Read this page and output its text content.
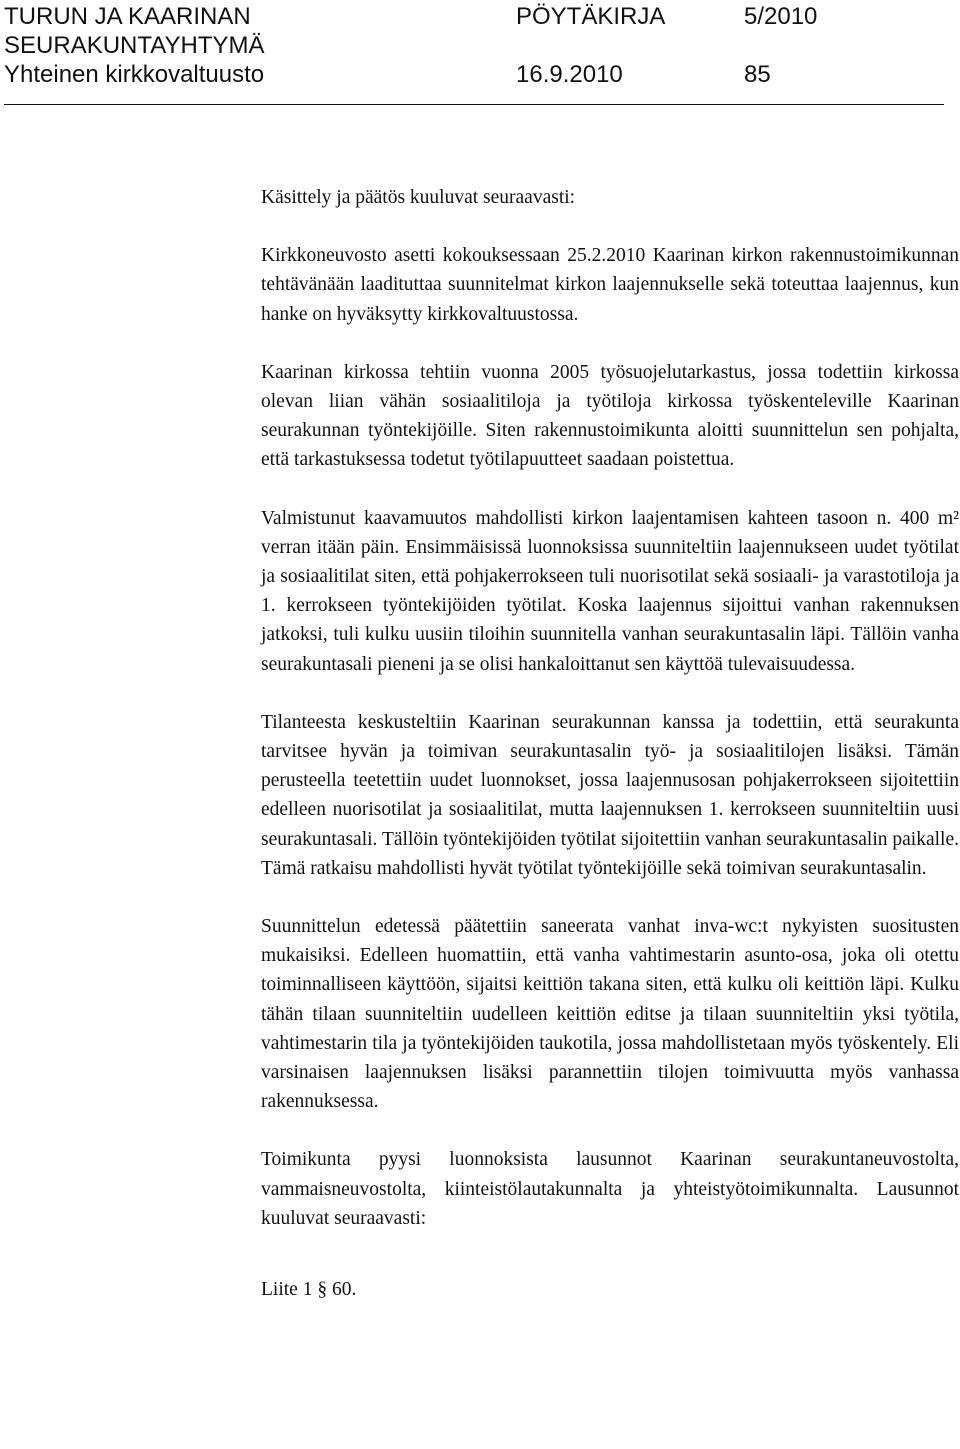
TURUN JA KAARINAN	PÖYTÄKIRJA	5/2010
SEURAKUNTAYHTYMÄ
Yhteinen kirkkovaltuusto	16.9.2010	85

Käsittely ja päätös kuuluvat seuraavasti:

Kirkkoneuvosto asetti kokouksessaan 25.2.2010 Kaarinan kirkon rakennustoimikunnan tehtävänään laadituttaa suunnitelmat kirkon laajennukselle sekä toteuttaa laajennus, kun hanke on hyväksytty kirkkovaltuustossa.

Kaarinan kirkossa tehtiin vuonna 2005 työsuojelutarkastus, jossa todettiin kirkossa olevan liian vähän sosiaalitiloja ja työtiloja kirkossa työskenteleville Kaarinan seurakunnan työntekijöille. Siten rakennustoimikunta aloitti suunnittelun sen pohjalta, että tarkastuksessa todetut työtilapuutteet saadaan poistettua.

Valmistunut kaavamuutos mahdollisti kirkon laajentamisen kahteen tasoon n. 400 m² verran itään päin. Ensimmäisissä luonnoksissa suunniteltiin laajennukseen uudet työtilat ja sosiaalitilat siten, että pohjakerrokseen tuli nuorisotilat sekä sosiaali- ja varastotiloja ja 1. kerrokseen työntekijöiden työtilat. Koska laajennus sijoittui vanhan rakennuksen jatkoksi, tuli kulku uusiin tiloihin suunnitella vanhan seurakuntasalin läpi. Tällöin vanha seurakuntasali pieneni ja se olisi hankaloittanut sen käyttöä tulevaisuudessa.

Tilanteesta keskusteltiin Kaarinan seurakunnan kanssa ja todettiin, että seurakunta tarvitsee hyvän ja toimivan seurakuntasalin työ- ja sosiaalitilojen lisäksi. Tämän perusteella teetettiin uudet luonnokset, jossa laajennusosan pohjakerrokseen sijoitettiin edelleen nuorisotilat ja sosiaalitilat, mutta laajennuksen 1. kerrokseen suunniteltiin uusi seurakuntasali. Tällöin työntekijöiden työtilat sijoitettiin vanhan seurakuntasalin paikalle. Tämä ratkaisu mahdollisti hyvät työtilat työntekijöille sekä toimivan seurakuntasalin.

Suunnittelun edetessä päätettiin saneerata vanhat inva-wc:t nykyisten suositusten mukaisiksi. Edelleen huomattiin, että vanha vahtimestarin asunto-osa, joka oli otettu toiminnalliseen käyttöön, sijaitsi keittiön takana siten, että kulku oli keittiön läpi. Kulku tähän tilaan suunniteltiin uudelleen keittiön editse ja tilaan suunniteltiin yksi työtila, vahtimestarin tila ja työntekijöiden taukotila, jossa mahdollistetaan myös työskentely. Eli varsinaisen laajennuksen lisäksi parannettiin tilojen toimivuutta myös vanhassa rakennuksessa.

Toimikunta pyysi luonnoksista lausunnot Kaarinan seurakuntaneuvostolta, vammaisneuvostolta, kiinteistölautakunnalta ja yhteistyötoimikunnalta. Lausunnot kuuluvat seuraavasti:

Liite 1 § 60.
